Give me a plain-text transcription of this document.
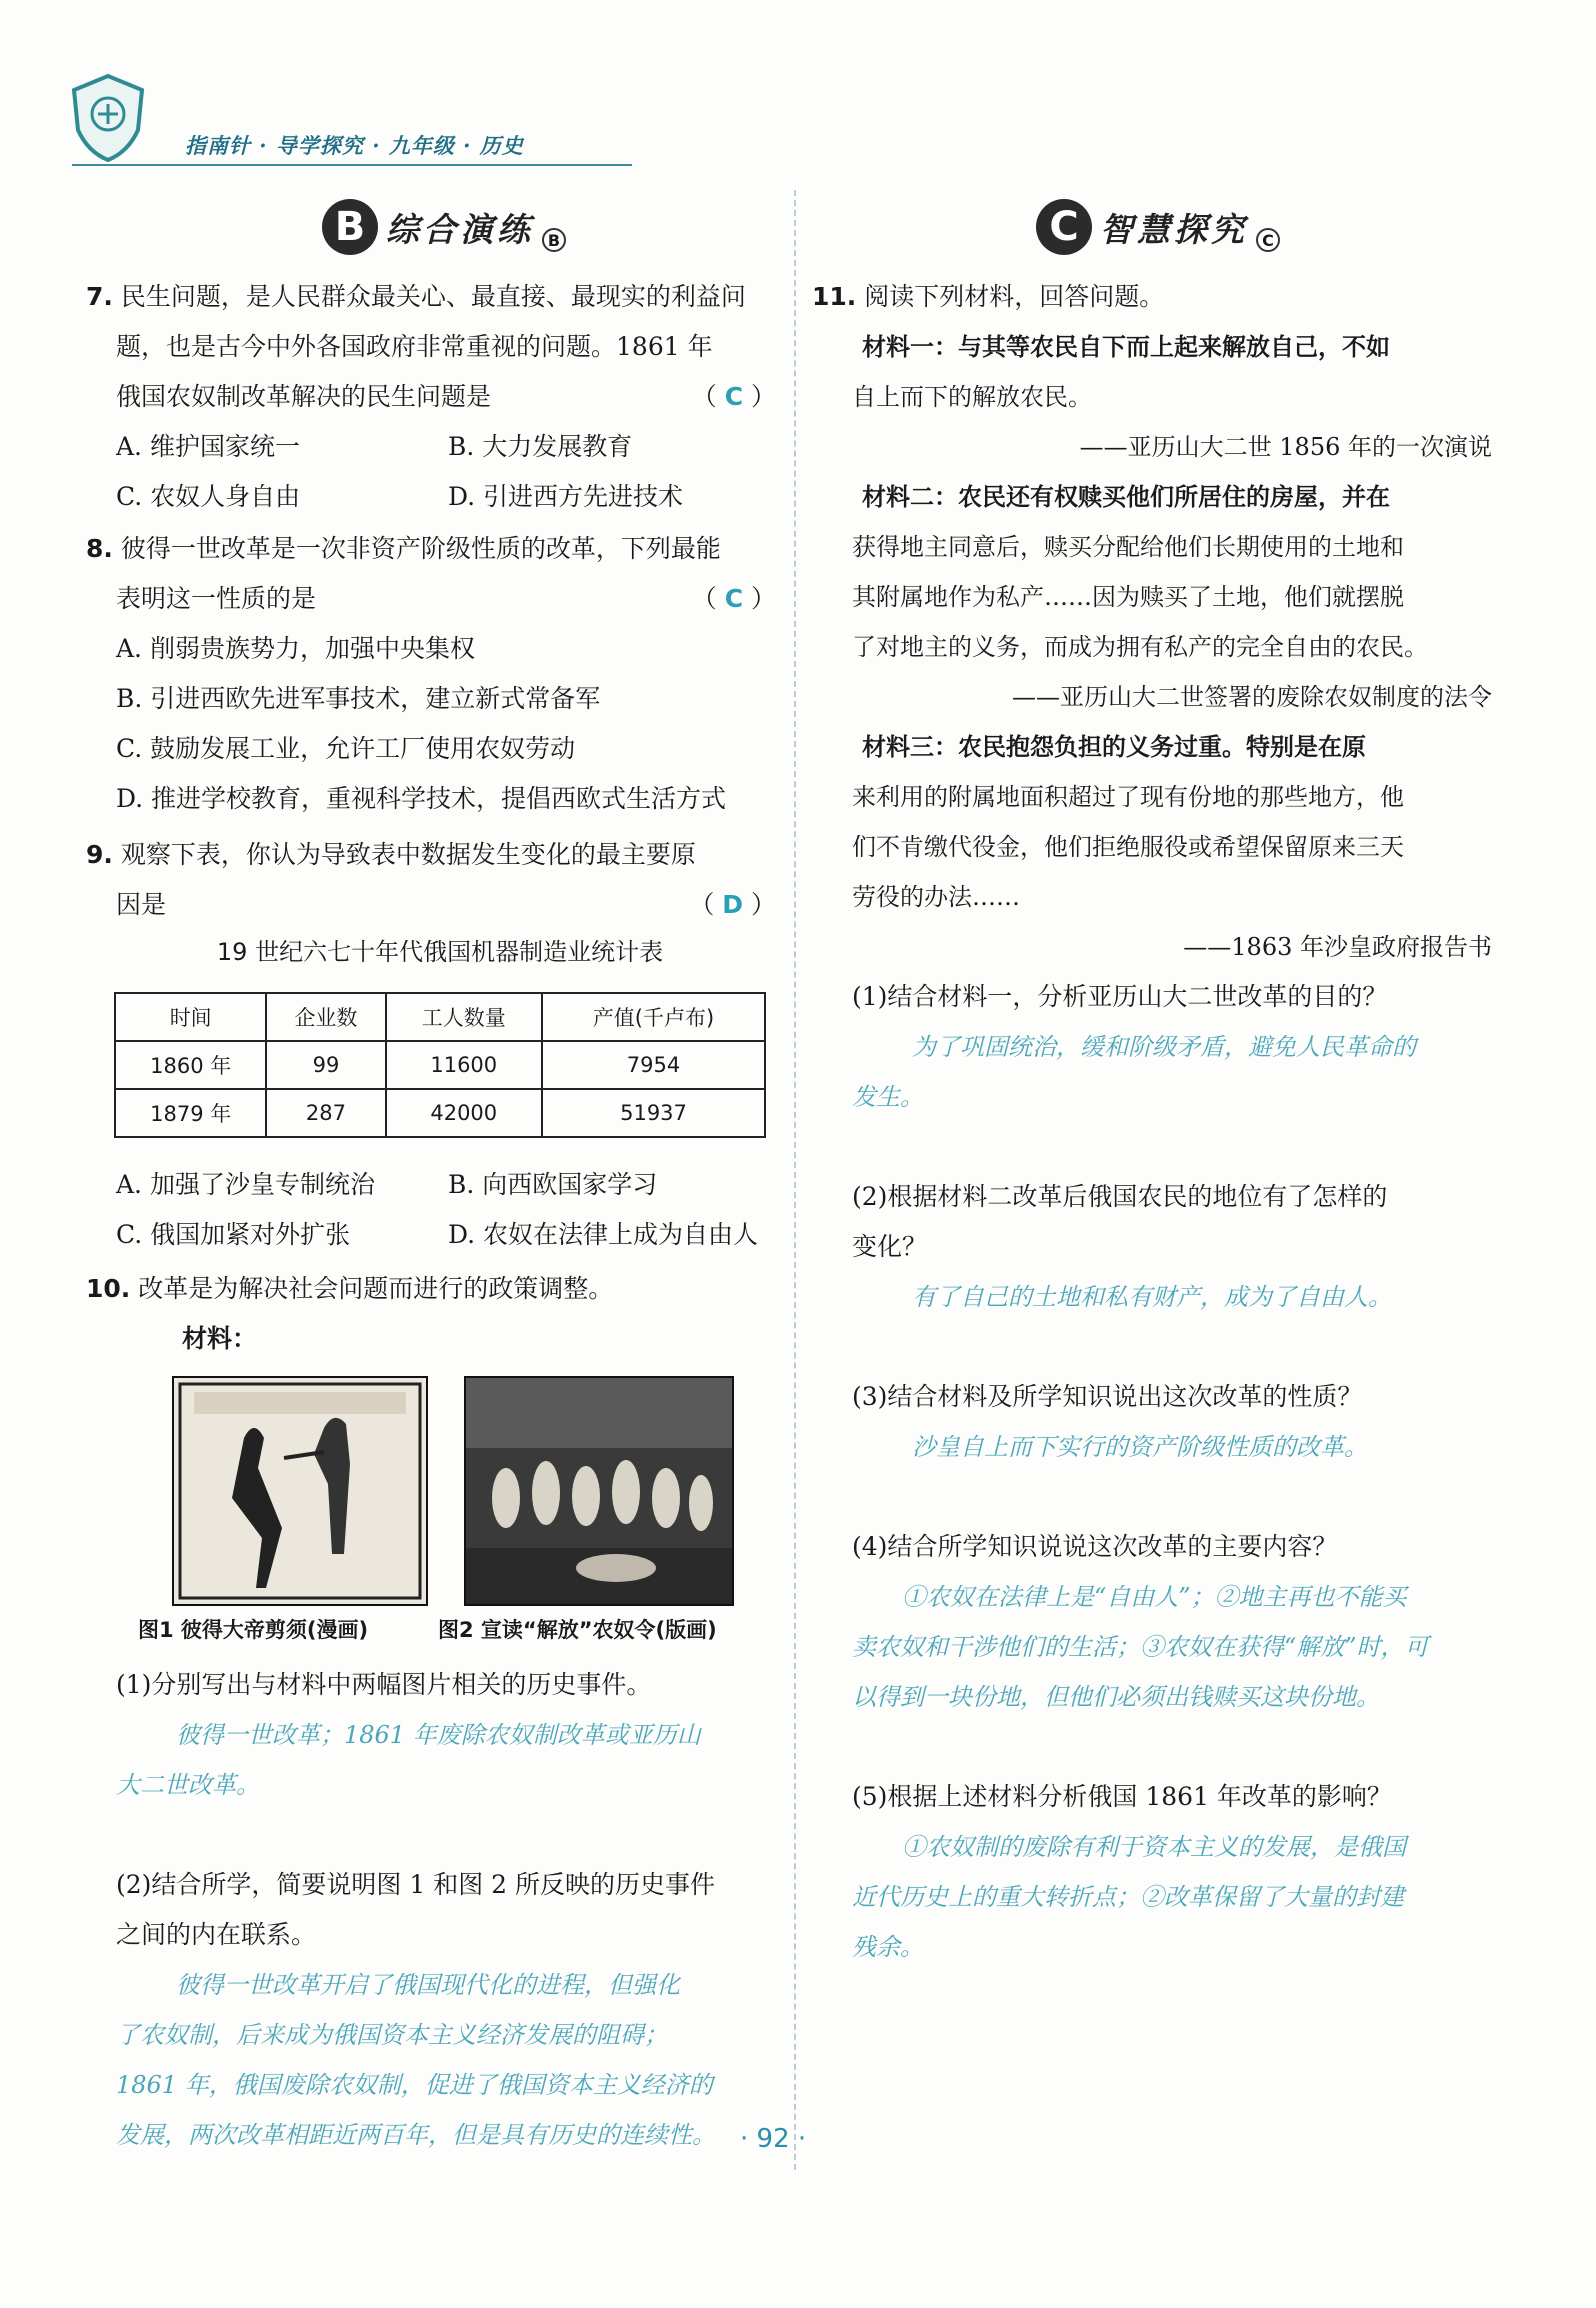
指南针 · 导学探究 · 九年级 · 历史
B 综合演练 B	C 智慧探究 C
7. 民生问题，是人民群众最关心、最直接、最现实的利益问
题，也是古今中外各国政府非常重视的问题。1861 年
俄国农奴制改革解决的民生问题是	（ C ）
A. 维护国家统一	B. 大力发展教育
C. 农奴人身自由	D. 引进西方先进技术
8. 彼得一世改革是一次非资产阶级性质的改革，下列最能
表明这一性质的是	（ C ）
A. 削弱贵族势力，加强中央集权
B. 引进西欧先进军事技术，建立新式常备军
C. 鼓励发展工业，允许工厂使用农奴劳动
D. 推进学校教育，重视科学技术，提倡西欧式生活方式
9. 观察下表，你认为导致表中数据发生变化的最主要原
因是	（ D ）
19 世纪六七十年代俄国机器制造业统计表
时间	企业数	工人数量	产值(千卢布)
1860 年	99	11600	7954
1879 年	287	42000	51937
A. 加强了沙皇专制统治	B. 向西欧国家学习
C. 俄国加紧对外扩张	D. 农奴在法律上成为自由人
10. 改革是为解决社会问题而进行的政策调整。
材料：
图1 彼得大帝剪须(漫画)	图2 宣读“解放”农奴令(版画)
(1)分别写出与材料中两幅图片相关的历史事件。
彼得一世改革；1861 年废除农奴制改革或亚历山
大二世改革。
(2)结合所学，简要说明图 1 和图 2 所反映的历史事件
之间的内在联系。
彼得一世改革开启了俄国现代化的进程，但强化
了农奴制，后来成为俄国资本主义经济发展的阻碍；
1861 年，俄国废除农奴制，促进了俄国资本主义经济的
发展，两次改革相距近两百年，但是具有历史的连续性。
11. 阅读下列材料，回答问题。
材料一：与其等农民自下而上起来解放自己，不如
自上而下的解放农民。
——亚历山大二世 1856 年的一次演说
材料二：农民还有权赎买他们所居住的房屋，并在
获得地主同意后，赎买分配给他们长期使用的土地和
其附属地作为私产……因为赎买了土地，他们就摆脱
了对地主的义务，而成为拥有私产的完全自由的农民。
——亚历山大二世签署的废除农奴制度的法令
材料三：农民抱怨负担的义务过重。特别是在原
来利用的附属地面积超过了现有份地的那些地方，他
们不肯缴代役金，他们拒绝服役或希望保留原来三天
劳役的办法……
——1863 年沙皇政府报告书
(1)结合材料一，分析亚历山大二世改革的目的？
为了巩固统治，缓和阶级矛盾，避免人民革命的
发生。
(2)根据材料二改革后俄国农民的地位有了怎样的
变化？
有了自己的土地和私有财产，成为了自由人。
(3)结合材料及所学知识说出这次改革的性质？
沙皇自上而下实行的资产阶级性质的改革。
(4)结合所学知识说说这次改革的主要内容？
①农奴在法律上是“自由人”；②地主再也不能买
卖农奴和干涉他们的生活；③农奴在获得“解放”时，可
以得到一块份地，但他们必须出钱赎买这块份地。
(5)根据上述材料分析俄国 1861 年改革的影响？
①农奴制的废除有利于资本主义的发展，是俄国
近代历史上的重大转折点；②改革保留了大量的封建
残余。
· 92 ·
